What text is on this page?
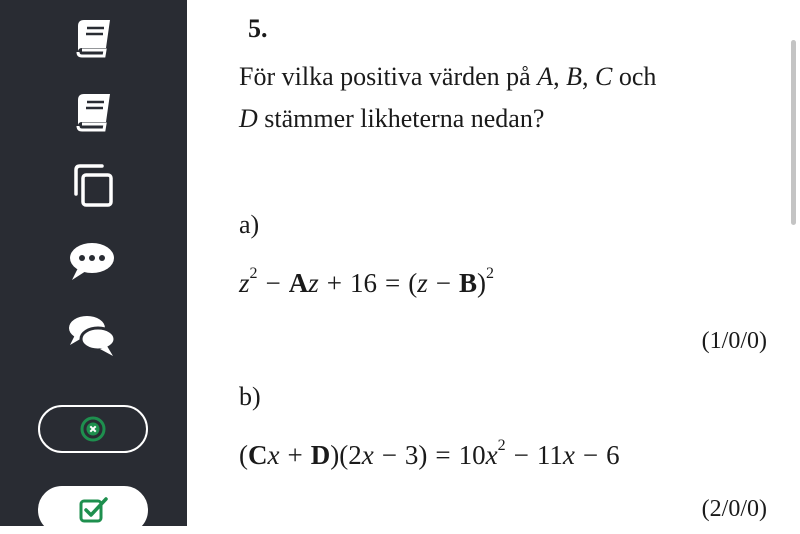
5.

För vilka positiva värden på A, B, C och
D stämmer likheterna nedan?

a)

$z^2 - Az + 16 = (z - B)^2$
(1/0/0)

b)

$(Cx + D)(2x - 3) = 10x^2 - 11x - 6$
(2/0/0)
